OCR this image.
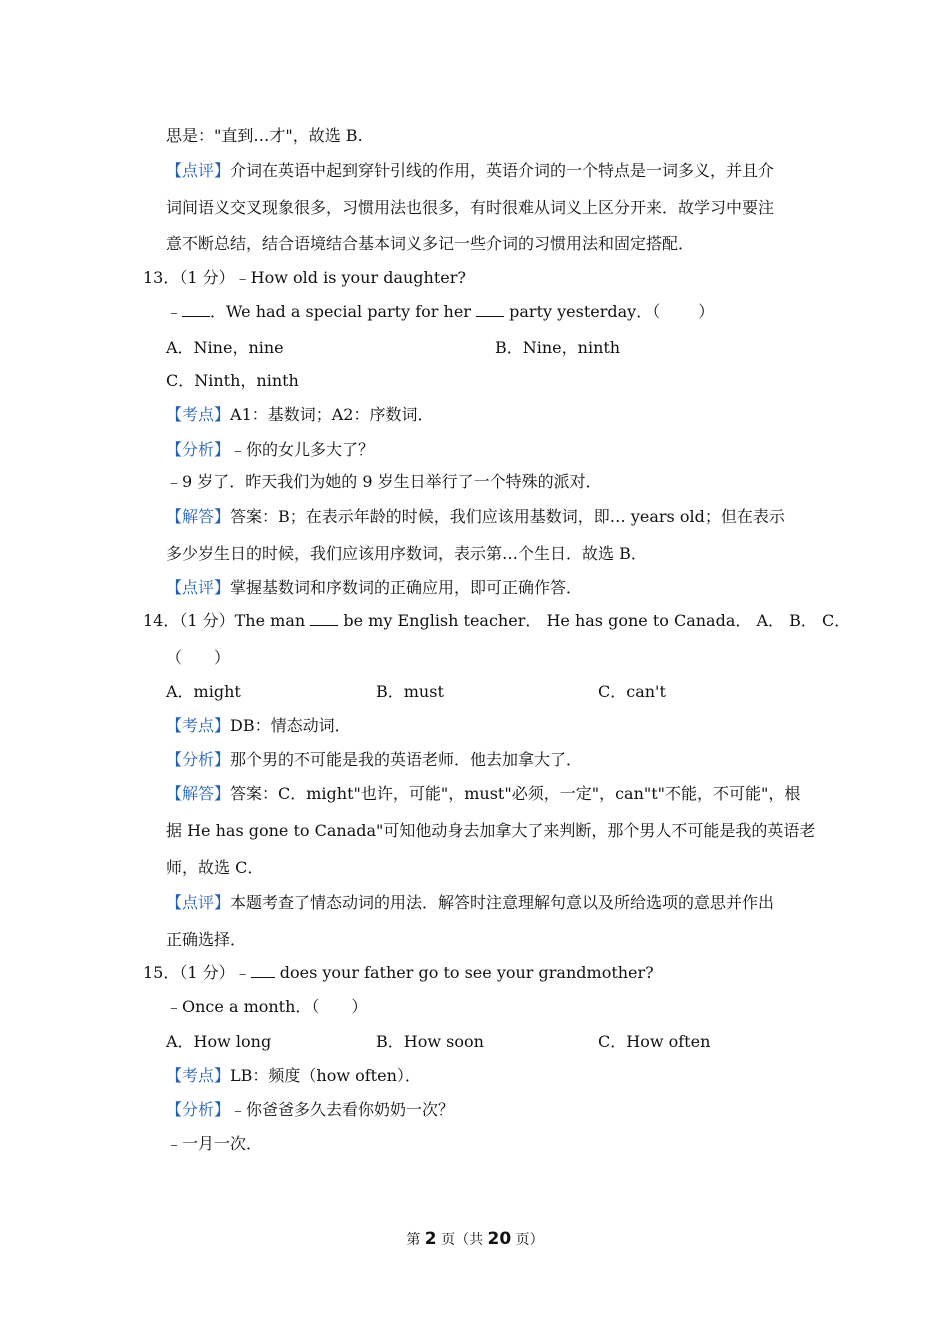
思是："直到…才"，故选 B.
【点评】介词在英语中起到穿针引线的作用，英语介词的一个特点是一词多义，并且介
词间语义交叉现象很多，习惯用法也很多，有时很难从词义上区分开来．故学习中要注
意不断总结，结合语境结合基本词义多记一些介词的习惯用法和固定搭配．
13．（1 分）﹣How old is your daughter?
﹣ ．We had a special party for her party yesterday．（ ）
A．Nine，nine	B．Nine，ninth
C．Ninth，ninth
【考点】A1：基数词；A2：序数词．
【分析】﹣你的女儿多大了？
﹣9 岁了．昨天我们为她的 9 岁生日举行了一个特殊的派对．
【解答】答案：B；在表示年龄的时候，我们应该用基数词，即… years old；但在表示
多少岁生日的时候，我们应该用序数词，表示第…个生日．故选 B．
【点评】掌握基数词和序数词的正确应用，即可正确作答．
14．（1 分）The man be my English teacher． He has gone to Canada． A． B． C．
（　　）
A．might	B．must	C．can't
【考点】DB：情态动词．
【分析】那个男的不可能是我的英语老师．他去加拿大了．
【解答】答案：C．might"也许，可能"，must"必须，一定"，can"t"不能，不可能"，根
据 He has gone to Canada"可知他动身去加拿大了来判断，那个男人不可能是我的英语老
师，故选 C．
【点评】本题考查了情态动词的用法．解答时注意理解句意以及所给选项的意思并作出
正确选择．
15．（1 分）﹣ does your father go to see your grandmother?
﹣Once a month．（　　）
A．How long	B．How soon	C．How often
【考点】LB：频度（how often）．
【分析】﹣你爸爸多久去看你奶奶一次？
﹣一月一次．
第 2 页（共 20 页）
